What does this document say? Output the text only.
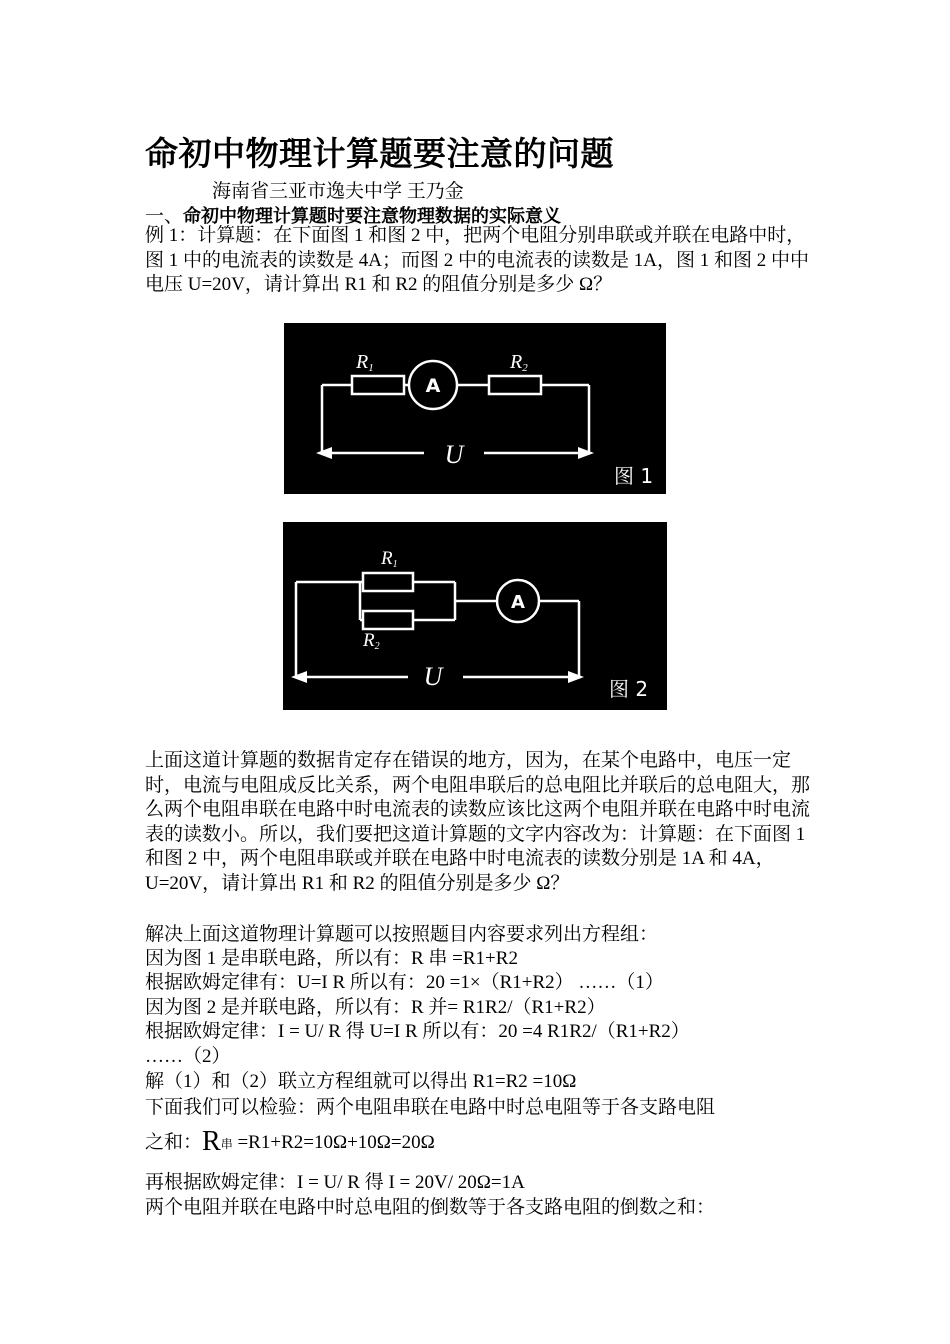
命初中物理计算题要注意的问题
海南省三亚市逸夫中学 王乃金
一、命初中物理计算题时要注意物理数据的实际意义
例 1：计算题：在下面图 1 和图 2 中，把两个电阻分别串联或并联在电路中时，图 1 中的电流表的读数是 4A；而图 2 中的电流表的读数是 1A，图 1 和图 2 中中电压 U=20V，请计算出 R1 和 R2 的阻值分别是多少 Ω？
R1	R2
A
U
图 1
R1
R2
A
U	图 2
上面这道计算题的数据肯定存在错误的地方，因为，在某个电路中，电压一定时，电流与电阻成反比关系，两个电阻串联后的总电阻比并联后的总电阻大，那么两个电阻串联在电路中时电流表的读数应该比这两个电阻并联在电路中时电流表的读数小。所以，我们要把这道计算题的文字内容改为：计算题：在下面图 1 和图 2 中，两个电阻串联或并联在电路中时电流表的读数分别是 1A 和 4A，U=20V，请计算出 R1 和 R2 的阻值分别是多少 Ω？
解决上面这道物理计算题可以按照题目内容要求列出方程组：
因为图 1 是串联电路，所以有：R 串 =R1+R2
根据欧姆定律有：U=I R 所以有：20 =1×（R1+R2） ……（1）
因为图 2 是并联电路，所以有：R 并= R1R2/（R1+R2）
根据欧姆定律：I = U/ R 得 U=I R 所以有：20 =4 R1R2/（R1+R2）
……（2）
解（1）和（2）联立方程组就可以得出 R1=R2 =10Ω
下面我们可以检验：两个电阻串联在电路中时总电阻等于各支路电阻
之和：R串 =R1+R2=10Ω+10Ω=20Ω
再根据欧姆定律：I = U/ R 得 I = 20V/ 20Ω=1A
两个电阻并联在电路中时总电阻的倒数等于各支路电阻的倒数之和：
